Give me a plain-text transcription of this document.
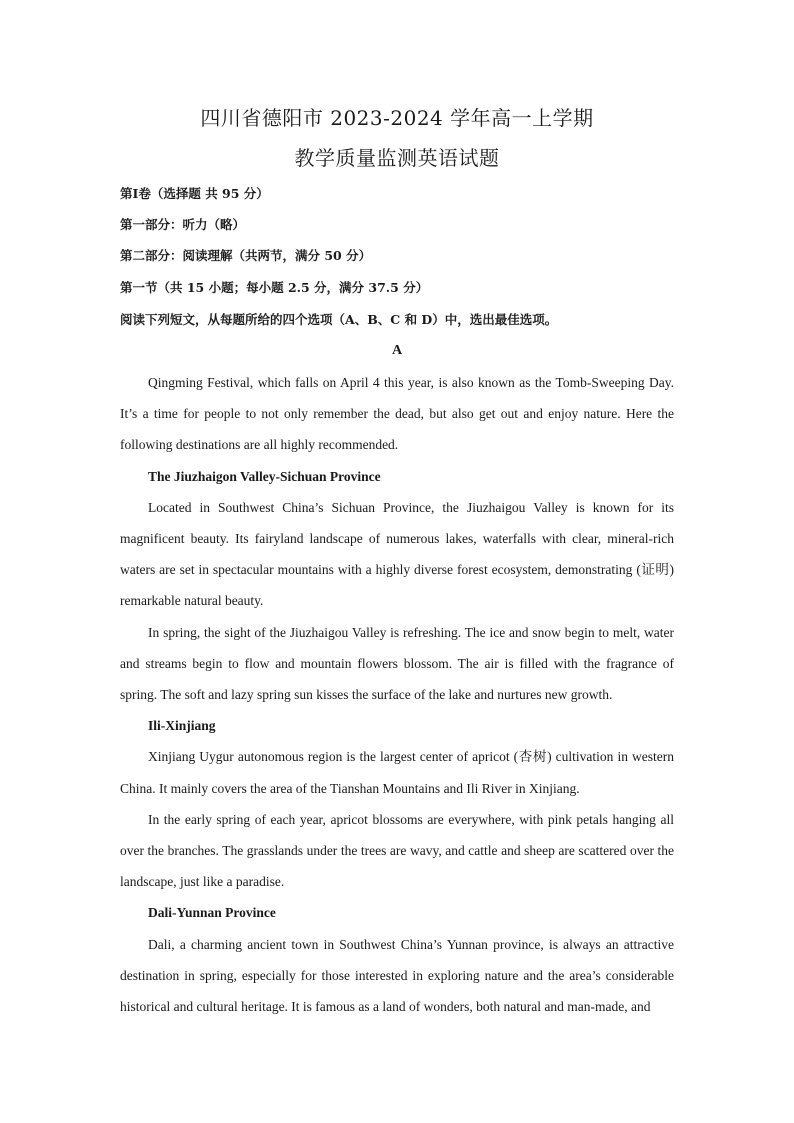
四川省德阳市 2023-2024 学年高一上学期
教学质量监测英语试题
第Ⅰ卷（选择题 共 95 分）
第一部分：听力（略）
第二部分：阅读理解（共两节，满分 50 分）
第一节（共 15 小题；每小题 2.5 分，满分 37.5 分）
阅读下列短文，从每题所给的四个选项（A、B、C 和 D）中，选出最佳选项。
A

Qingming Festival, which falls on April 4 this year, is also known as the Tomb-Sweeping Day. It’s a time for people to not only remember the dead, but also get out and enjoy nature. Here the following destinations are all highly recommended.

The Jiuzhaigon Valley-Sichuan Province

Located in Southwest China’s Sichuan Province, the Jiuzhaigou Valley is known for its magnificent beauty. Its fairyland landscape of numerous lakes, waterfalls with clear, mineral-rich waters are set in spectacular mountains with a highly diverse forest ecosystem, demonstrating (证明) remarkable natural beauty.

In spring, the sight of the Jiuzhaigou Valley is refreshing. The ice and snow begin to melt, water and streams begin to flow and mountain flowers blossom. The air is filled with the fragrance of spring. The soft and lazy spring sun kisses the surface of the lake and nurtures new growth.

Ili-Xinjiang

Xinjiang Uygur autonomous region is the largest center of apricot (杏树) cultivation in western China. It mainly covers the area of the Tianshan Mountains and Ili River in Xinjiang.

In the early spring of each year, apricot blossoms are everywhere, with pink petals hanging all over the branches. The grasslands under the trees are wavy, and cattle and sheep are scattered over the landscape, just like a paradise.

Dali-Yunnan Province

Dali, a charming ancient town in Southwest China’s Yunnan province, is always an attractive destination in spring, especially for those interested in exploring nature and the area’s considerable historical and cultural heritage. It is famous as a land of wonders, both natural and man-made, and
